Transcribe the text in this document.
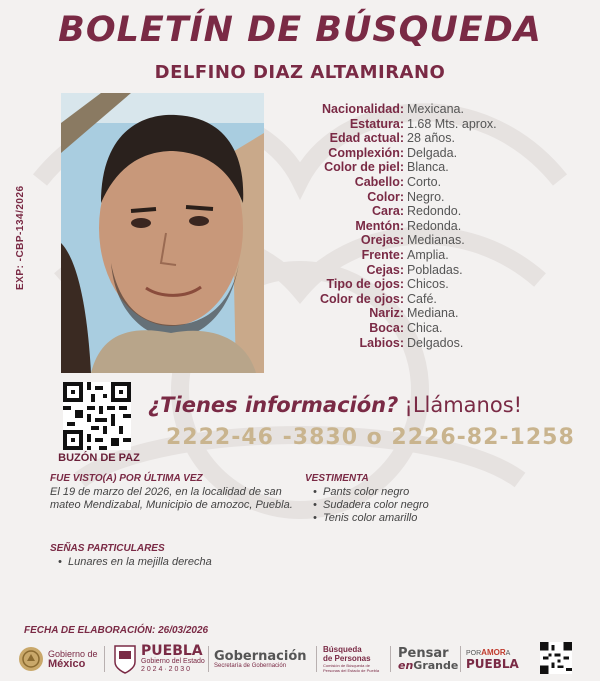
BOLETÍN DE BÚSQUEDA
DELFINO DIAZ ALTAMIRANO
EXP: -CBP-134/2026
Nacionalidad: Mexicana.
Estatura: 1.68 Mts. aprox.
Edad actual: 28 años.
Complexión: Delgada.
Color de piel: Blanca.
Cabello: Corto.
Color: Negro.
Cara: Redondo.
Mentón: Redonda.
Orejas: Medianas.
Frente: Amplia.
Cejas: Pobladas.
Tipo de ojos: Chicos.
Color de ojos: Café.
Nariz: Mediana.
Boca: Chica.
Labios: Delgados.
BUZÓN DE PAZ
¿Tienes información? ¡Llámanos!
2222-46 -3830 o 2226-82-1258
FUE VISTO(A) POR ÚLTIMA VEZ

El 19 de marzo del 2026, en la localidad de san mateo Mendizabal, Municipio de amozoc, Puebla.

VESTIMENTA
• Pants color negro
• Sudadera color negro
• Tenis color amarillo
SEÑAS PARTICULARES
• Lunares en la mejilla derecha
FECHA DE ELABORACIÓN: 26/03/2026
Gobierno de
México
PUEBLA
Gobierno del Estado
2 0 2 4 · 2 0 3 0
Gobernación
Secretaría de Gobernación
Búsqueda
de Personas
Comisión de Búsqueda de Personas del Estado de Puebla
Pensar
enGrande
PORAMORA
PUEBLA
